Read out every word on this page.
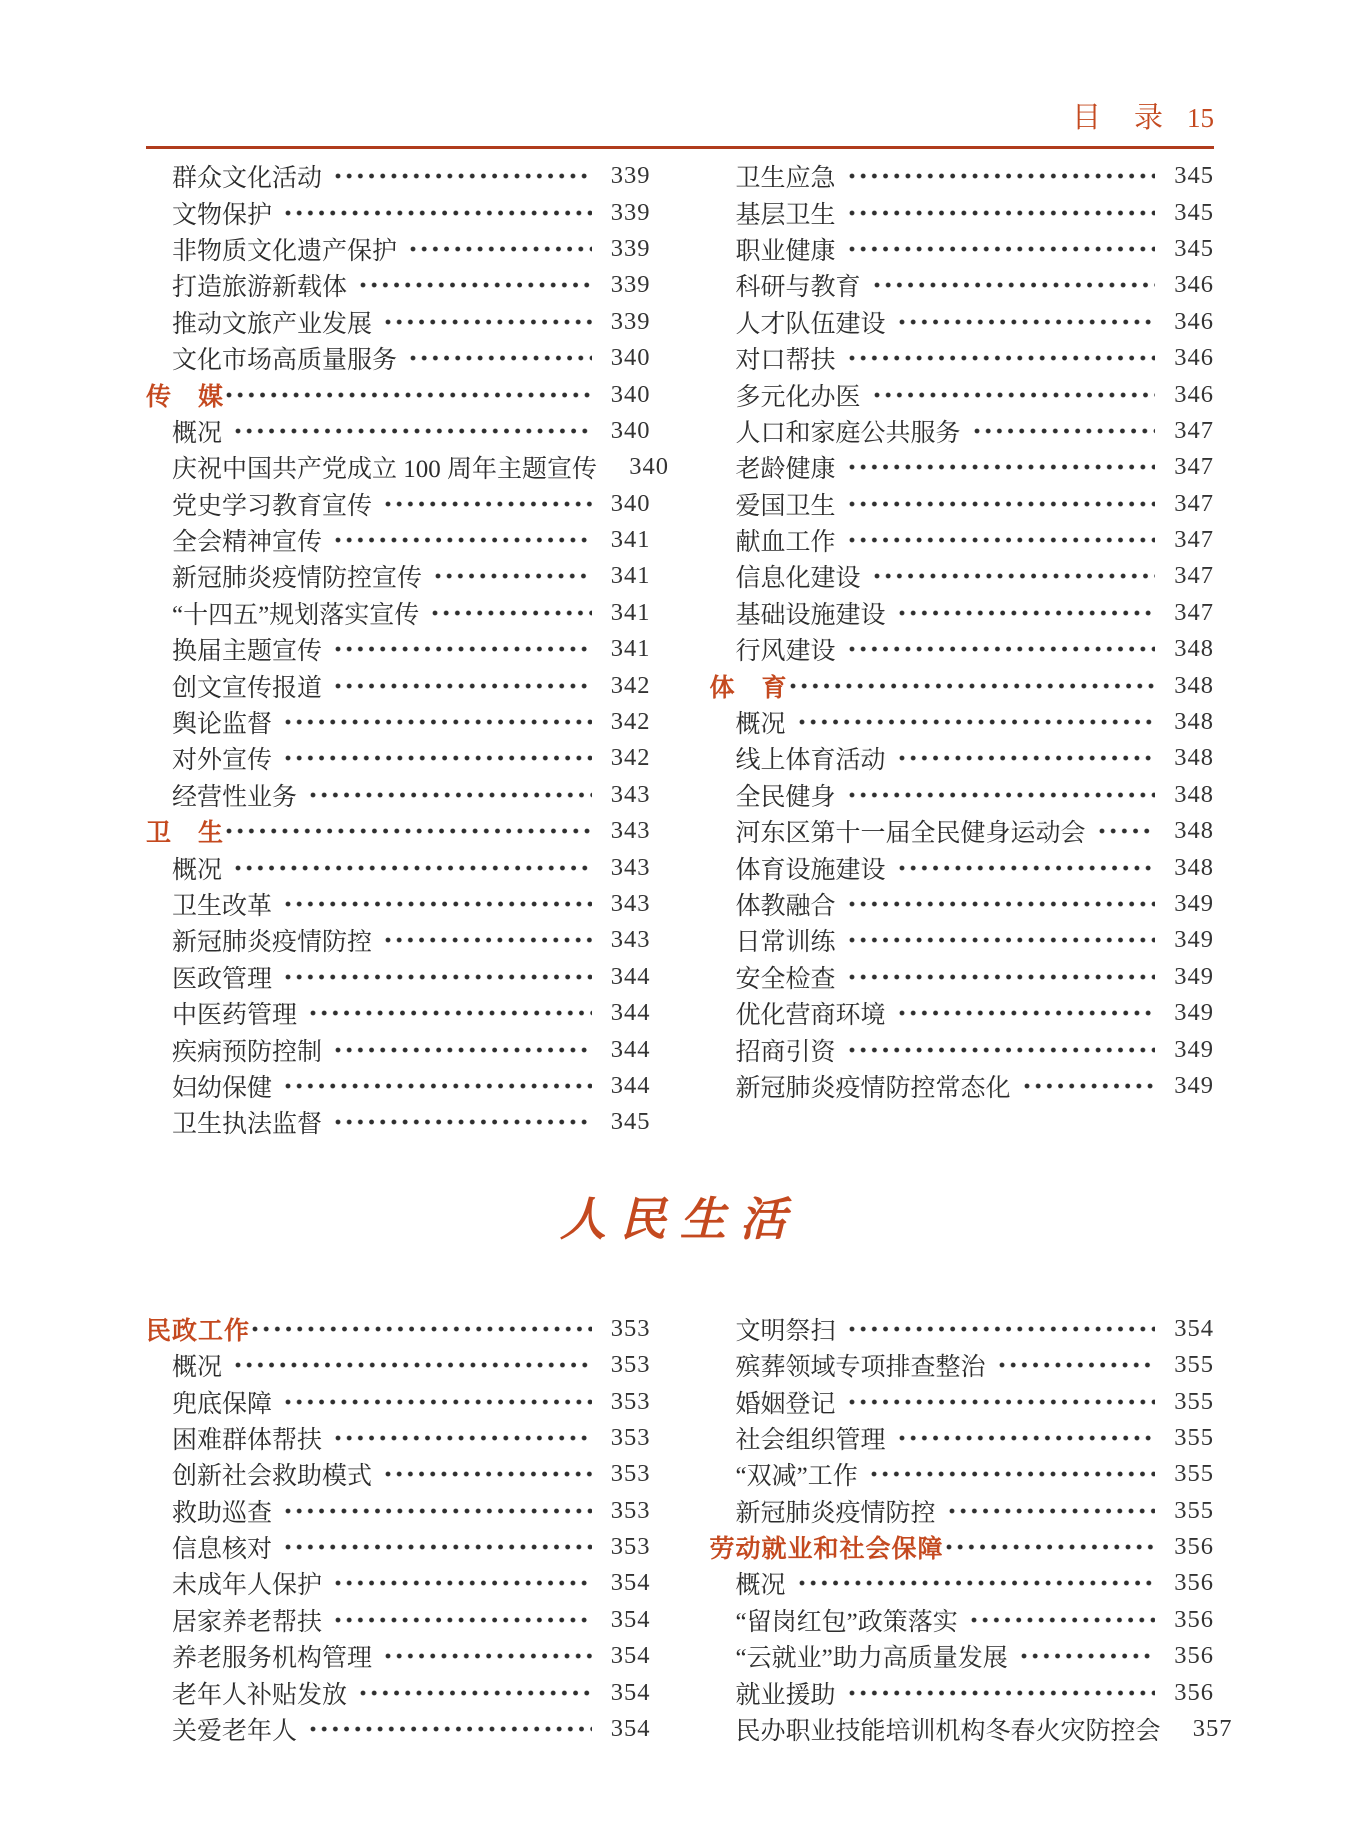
目　录 15
群众文化活动	339
文物保护	339
非物质文化遗产保护	339
打造旅游新载体	339
推动文旅产业发展	339
文化市场高质量服务	340
传　媒	340
概况	340
庆祝中国共产党成立 100 周年主题宣传 340
党史学习教育宣传	340
全会精神宣传	341
新冠肺炎疫情防控宣传	341
“十四五”规划落实宣传	341
换届主题宣传	341
创文宣传报道	342
舆论监督	342
对外宣传	342
经营性业务	343
卫　生	343
概况	343
卫生改革	343
新冠肺炎疫情防控	343
医政管理	344
中医药管理	344
疾病预防控制	344
妇幼保健	344
卫生执法监督	345
卫生应急	345
基层卫生	345
职业健康	345
科研与教育	346
人才队伍建设	346
对口帮扶	346
多元化办医	346
人口和家庭公共服务	347
老龄健康	347
爱国卫生	347
献血工作	347
信息化建设	347
基础设施建设	347
行风建设	348
体　育	348
概况	348
线上体育活动	348
全民健身	348
河东区第十一届全民健身运动会	348
体育设施建设	348
体教融合	349
日常训练	349
安全检查	349
优化营商环境	349
招商引资	349
新冠肺炎疫情防控常态化	349
人民生活
民政工作	353
概况	353
兜底保障	353
困难群体帮扶	353
创新社会救助模式	353
救助巡查	353
信息核对	353
未成年人保护	354
居家养老帮扶	354
养老服务机构管理	354
老年人补贴发放	354
关爱老年人	354
文明祭扫	354
殡葬领域专项排查整治	355
婚姻登记	355
社会组织管理	355
“双减”工作	355
新冠肺炎疫情防控	355
劳动就业和社会保障	356
概况	356
“留岗红包”政策落实	356
“云就业”助力高质量发展	356
就业援助	356
民办职业技能培训机构冬春火灾防控会 357
